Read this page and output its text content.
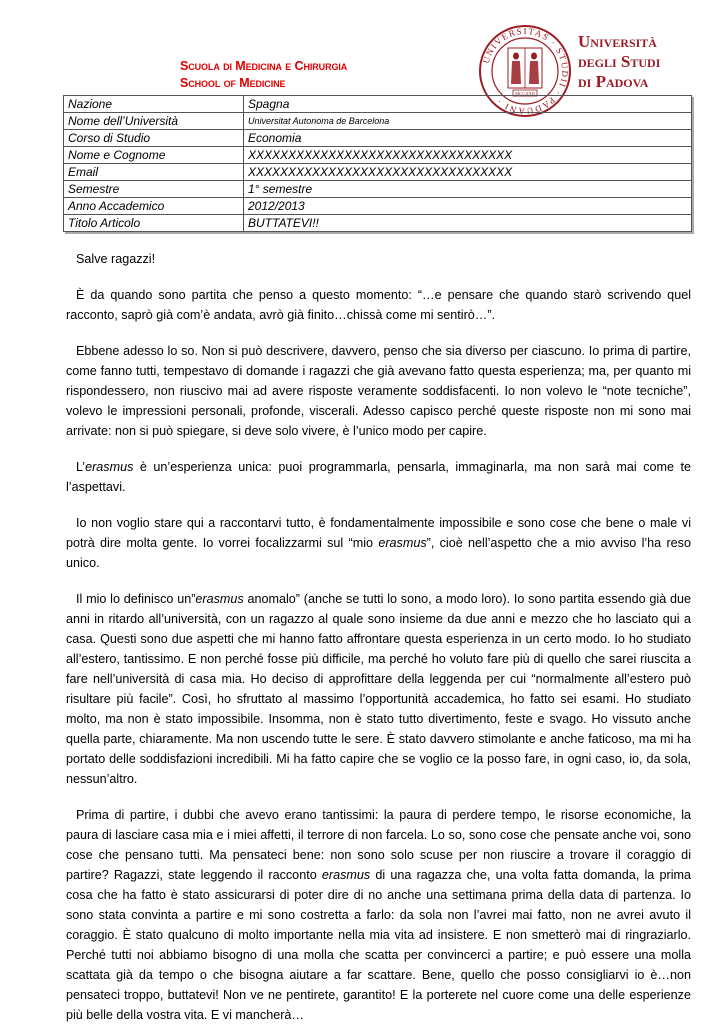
Scuola di Medicina e Chirurgia
School of Medicine
UNIVERSITAS · STUDII · PADUANI ·
MCCXXII
Università
degli Studi
di Padova
Nazione	Spagna
Nome dell’Università	Universitat Autonoma de Barcelona
Corso di Studio	Economia
Nome e Cognome	XXXXXXXXXXXXXXXXXXXXXXXXXXXXXXXXX
Email	XXXXXXXXXXXXXXXXXXXXXXXXXXXXXXXXX
Semestre	1° semestre
Anno Accademico	2012/2013
Titolo Articolo	BUTTATEVI!!

Salve ragazzi!

È da quando sono partita che penso a questo momento: “…e pensare che quando starò scrivendo quel racconto, saprò già com’è andata, avrò già finito…chissà come mi sentirò…”.

Ebbene adesso lo so. Non si può descrivere, davvero, penso che sia diverso per ciascuno. Io prima di partire, come fanno tutti, tempestavo di domande i ragazzi che già avevano fatto questa esperienza; ma, per quanto mi rispondessero, non riuscivo mai ad avere risposte veramente soddisfacenti. Io non volevo le “note tecniche”, volevo le impressioni personali, profonde, viscerali. Adesso capisco perché queste risposte non mi sono mai arrivate: non si può spiegare, si deve solo vivere, è l’unico modo per capire.

L’erasmus è un’esperienza unica: puoi programmarla, pensarla, immaginarla, ma non sarà mai come te l’aspettavi.

Io non voglio stare qui a raccontarvi tutto, è fondamentalmente impossibile e sono cose che bene o male vi potrà dire molta gente. Io vorrei focalizzarmi sul “mio erasmus”, cioè nell’aspetto che a mio avviso l’ha reso unico.

Il mio lo definisco un”erasmus anomalo” (anche se tutti lo sono, a modo loro). Io sono partita essendo già due anni in ritardo all’università, con un ragazzo al quale sono insieme da due anni e mezzo che ho lasciato qui a casa. Questi sono due aspetti che mi hanno fatto affrontare questa esperienza in un certo modo. Io ho studiato all’estero, tantissimo. E non perché fosse più difficile, ma perché ho voluto fare più di quello che sarei riuscita a fare nell’università di casa mia. Ho deciso di approfittare della leggenda per cui “normalmente all’estero può risultare più facile”. Così, ho sfruttato al massimo l’opportunità accademica, ho fatto sei esami. Ho studiato molto, ma non è stato impossibile. Insomma, non è stato tutto divertimento, feste e svago. Ho vissuto anche quella parte, chiaramente. Ma non uscendo tutte le sere. È stato davvero stimolante e anche faticoso, ma mi ha portato delle soddisfazioni incredibili. Mi ha fatto capire che se voglio ce la posso fare, in ogni caso, io, da sola, nessun’altro.

Prima di partire, i dubbi che avevo erano tantissimi: la paura di perdere tempo, le risorse economiche, la paura di lasciare casa mia e i miei affetti, il terrore di non farcela. Lo so, sono cose che pensate anche voi, sono cose che pensano tutti. Ma pensateci bene: non sono solo scuse per non riuscire a trovare il coraggio di partire? Ragazzi, state leggendo il racconto erasmus di una ragazza che, una volta fatta domanda, la prima cosa che ha fatto è stato assicurarsi di poter dire di no anche una settimana prima della data di partenza. Io sono stata convinta a partire e mi sono costretta a farlo: da sola non l’avrei mai fatto, non ne avrei avuto il coraggio. È stato qualcuno di molto importante nella mia vita ad insistere. E non smetterò mai di ringraziarlo. Perché tutti noi abbiamo bisogno di una molla che scatta per convincerci a partire; e può essere una molla scattata già da tempo o che bisogna aiutare a far scattare. Bene, quello che posso consigliarvi io è…non pensateci troppo, buttatevi! Non ve ne pentirete, garantito! E la porterete nel cuore come una delle esperienze più belle della vostra vita. E vi mancherà…
